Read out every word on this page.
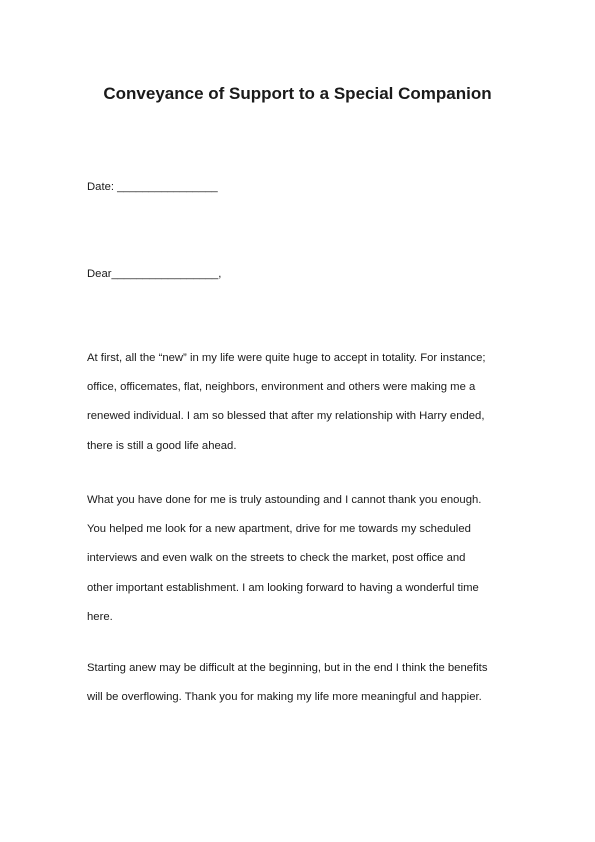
Conveyance of Support to a Special Companion

Date: ________________

Dear_________________,

At first, all the “new” in my life were quite huge to accept in totality. For instance;
office, officemates, flat, neighbors, environment and others were making me a
renewed individual. I am so blessed that after my relationship with Harry ended,
there is still a good life ahead.
What you have done for me is truly astounding and I cannot thank you enough.
You helped me look for a new apartment, drive for me towards my scheduled
interviews and even walk on the streets to check the market, post office and
other important establishment. I am looking forward to having a wonderful time
here.
Starting anew may be difficult at the beginning, but in the end I think the benefits
will be overflowing. Thank you for making my life more meaningful and happier.
